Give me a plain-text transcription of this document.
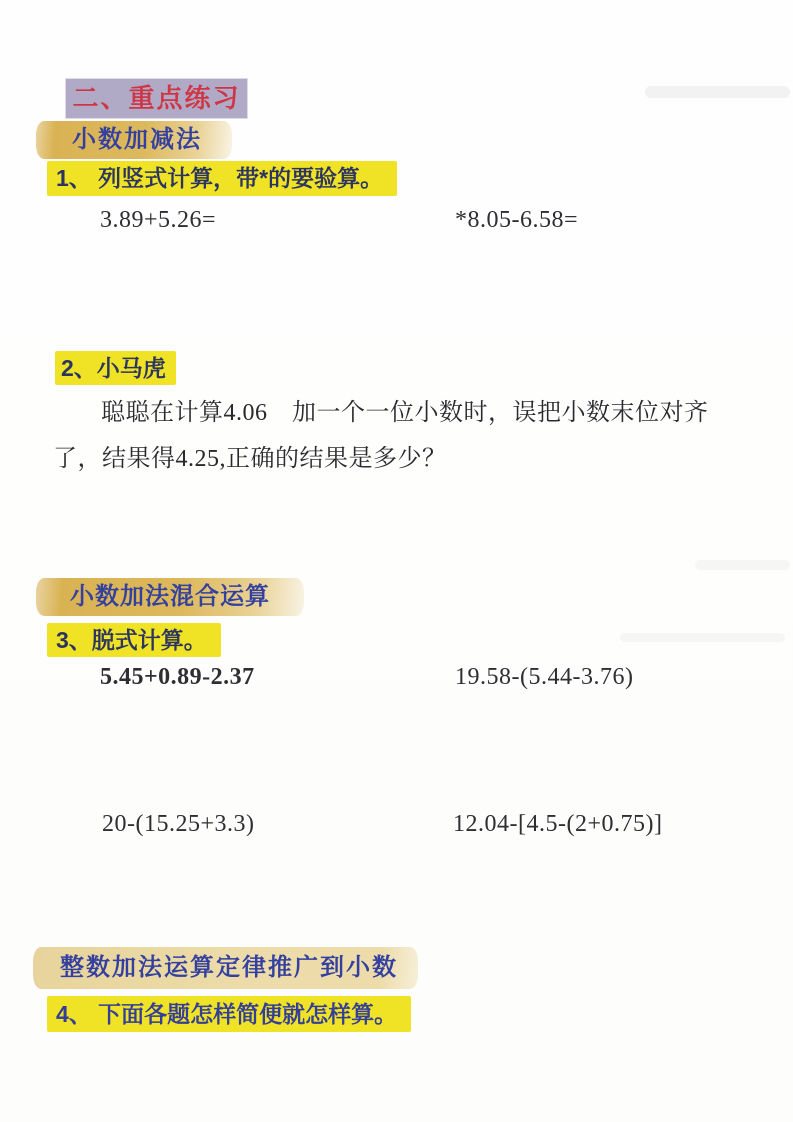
二、重点练习
小数加减法
1、 列竖式计算，带*的要验算。
3.89+5.26=	*8.05-6.58=
2、小马虎
聪聪在计算4.06　加一个一位小数时，误把小数末位对齐了，结果得4.25,正确的结果是多少？
小数加法混合运算
3、脱式计算。
5.45+0.89-2.37	19.58-(5.44-3.76)
20-(15.25+3.3)	12.04-[4.5-(2+0.75)]
整数加法运算定律推广到小数
4、 下面各题怎样简便就怎样算。
